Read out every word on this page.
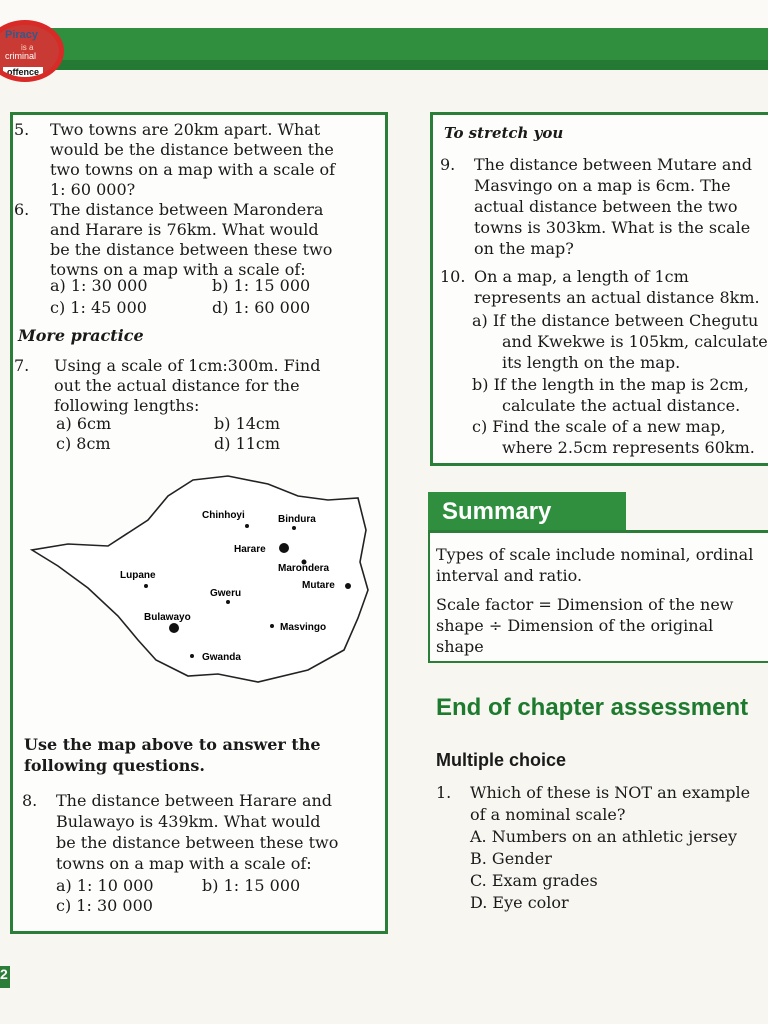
Piracy
is a
criminal
offence
5. Two towns are 20km apart. What
would be the distance between the
two towns on a map with a scale of
1: 60 000?
6. The distance between Marondera
and Harare is 76km. What would
be the distance between these two
towns on a map with a scale of:
a) 1: 30 000	b) 1: 15 000
c) 1: 45 000	d) 1: 60 000
More practice
7. Using a scale of 1cm:300m. Find
out the actual distance for the
following lengths:
a) 6cm	b) 14cm
c) 8cm	d) 11cm
Chinhoyi	Bindura
Harare
Marondera
Lupane
Mutare
Gweru
Bulawayo
Masvingo
Gwanda
Use the map above to answer the
following questions.
8. The distance between Harare and
Bulawayo is 439km. What would
be the distance between these two
towns on a map with a scale of:
a) 1: 10 000	b) 1: 15 000
c) 1: 30 000
To stretch you
9. The distance between Mutare and
Masvingo on a map is 6cm. The
actual distance between the two
towns is 303km. What is the scale
on the map?
10. On a map, a length of 1cm
represents an actual distance 8km.
a) If the distance between Chegutu
and Kwekwe is 105km, calculate
its length on the map.
b) If the length in the map is 2cm,
calculate the actual distance.
c) Find the scale of a new map,
where 2.5cm represents 60km.
Summary
Types of scale include nominal, ordinal
interval and ratio.
Scale factor = Dimension of the new
shape ÷ Dimension of the original
shape
End of chapter assessment
Multiple choice
1. Which of these is NOT an example
of a nominal scale?
A. Numbers on an athletic jersey
B. Gender
C. Exam grades
D. Eye color
2
